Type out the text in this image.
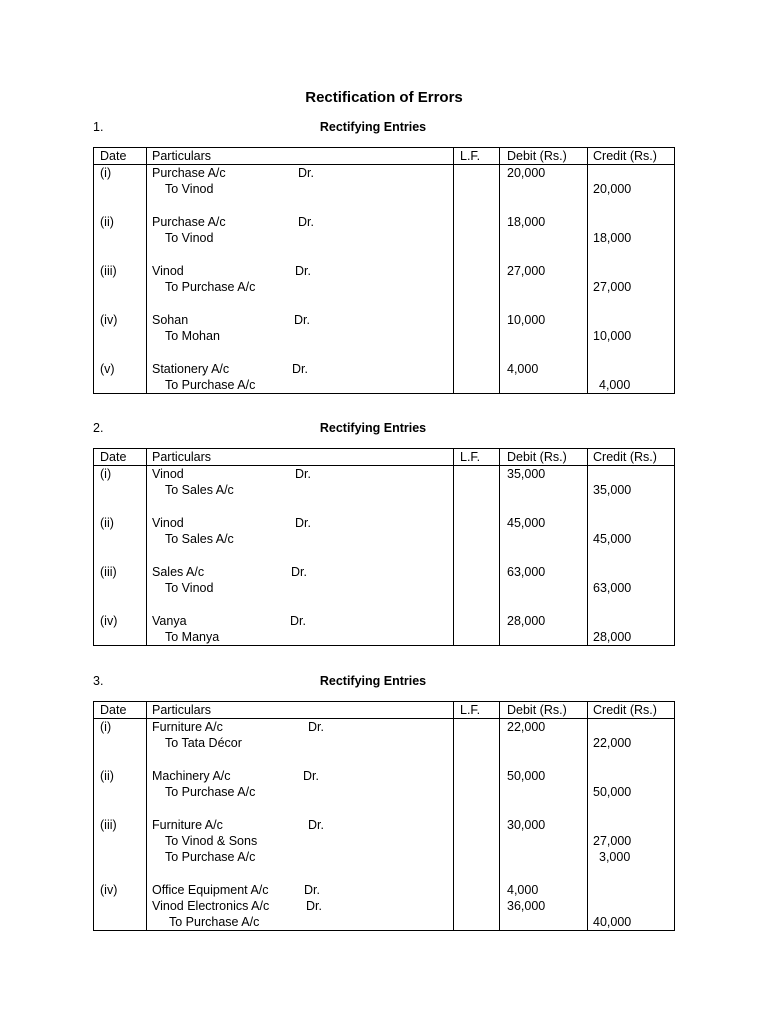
Rectification of Errors
1.	Rectifying Entries
Date Particulars	L.F. Debit (Rs.) Credit (Rs.)
(i)	Purchase A/c	Dr.	20,000
To Vinod	20,000
(ii)	Purchase A/c	Dr.	18,000
To Vinod	18,000
(iii)	Vinod	Dr.	27,000
To Purchase A/c	27,000
(iv)	Sohan	Dr.	10,000
To Mohan	10,000
(v)	Stationery A/c	Dr.	4,000
To Purchase A/c	4,000
2.	Rectifying Entries
Date Particulars	L.F. Debit (Rs.) Credit (Rs.)
(i)	Vinod	Dr.	35,000
To Sales A/c	35,000
(ii)	Vinod	Dr.	45,000
To Sales A/c	45,000
(iii)	Sales A/c	Dr.	63,000
To Vinod	63,000
(iv)	Vanya	Dr.	28,000
To Manya	28,000
3.	Rectifying Entries
Date Particulars	L.F. Debit (Rs.) Credit (Rs.)
(i)	Furniture A/c	Dr.	22,000
To Tata Décor	22,000
(ii)	Machinery A/c	Dr.	50,000
To Purchase A/c	50,000
(iii)	Furniture A/c	Dr.	30,000
To Vinod & Sons	27,000
To Purchase A/c	3,000
(iv)	Office Equipment A/c	Dr.	4,000
Vinod Electronics A/c	Dr.	36,000
To Purchase A/c	40,000
